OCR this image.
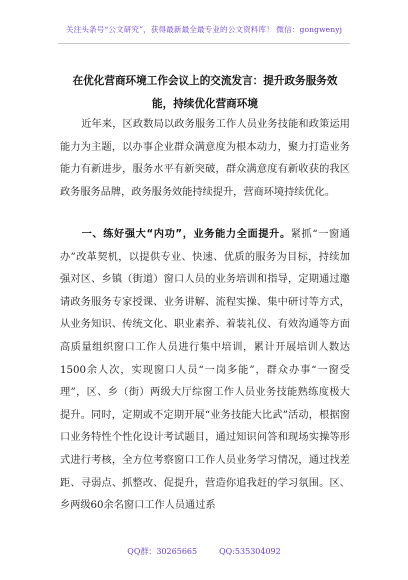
关注头条号“公文研究”，获得最新最全最专业的公文资料库！ 微信：gongwenyj
在优化营商环境工作会议上的交流发言：提升政务服务效
能，持续优化营商环境
近年来，区政数局以政务服务工作人员业务技能和政策运用能力为主题，以办事企业群众满意度为根本动力，聚力打造业务能力有新进步，服务水平有新突破，群众满意度有新收获的我区政务服务品牌，政务服务效能持续提升，营商环境持续优化。
一、练好强大“内功”，业务能力全面提升。紧抓“一窗通办”改革契机，以提供专业、快速、优质的服务为目标，持续加强对区、乡镇（街道）窗口人员的业务培训和指导，定期通过邀请政务服务专家授课、业务讲解、流程实操、集中研讨等方式，从业务知识、传统文化、职业素养、着装礼仪、有效沟通等方面高质量组织窗口工作人员进行集中培训，累计开展培训人数达1500余人次，实现窗口人员“一岗多能”，群众办事“一窗受理”，区、乡（街）两级大厅综窗工作人员业务技能熟练度极大提升。同时，定期或不定期开展“业务技能大比武”活动，根据窗口业务特性个性化设计考试题目，通过知识问答和现场实操等形式进行考核，全方位考察窗口工作人员业务学习情况，通过找差距、寻弱点、抓整改、促提升，营造你追我赶的学习氛围。区、乡两级60余名窗口工作人员通过系
QQ群：30265665	QQ:535304092
